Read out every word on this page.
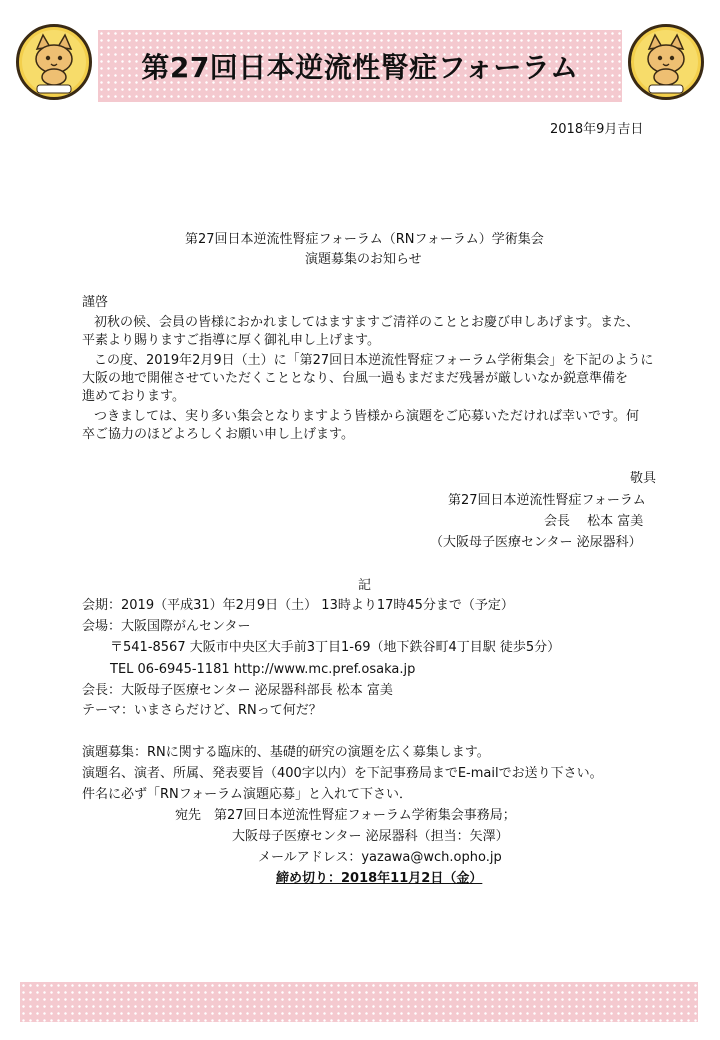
第27回日本逆流性腎症フォーラム
2018年9月吉日
第27回日本逆流性腎症フォーラム（RNフォーラム）学術集会
演題募集のお知らせ
謹啓
初秋の候、会員の皆様におかれましてはますますご清祥のこととお慶び申しあげます。また、
平素より賜りますご指導に厚く御礼申し上げます。
この度、2019年2月9日（土）に「第27回日本逆流性腎症フォーラム学術集会」を下記のように
大阪の地で開催させていただくこととなり、台風一過もまだまだ残暑が厳しいなか鋭意準備を
進めております。
つきましては、実り多い集会となりますよう皆様から演題をご応募いただければ幸いです。何
卒ご協力のほどよろしくお願い申し上げます。
敬具
第27回日本逆流性腎症フォーラム
会長　 松本 富美
（大阪母子医療センター 泌尿器科）
記
会期：2019（平成31）年2月9日（土） 13時より17時45分まで（予定）
会場：大阪国際がんセンター
〒541-8567 大阪市中央区大手前3丁目1-69（地下鉄谷町4丁目駅 徒歩5分）
TEL 06-6945-1181 http://www.mc.pref.osaka.jp
会長：大阪母子医療センター 泌尿器科部長 松本 富美
テーマ：いまさらだけど、RNって何だ？
演題募集：RNに関する臨床的、基礎的研究の演題を広く募集します。
演題名、演者、所属、発表要旨（400字以内）を下記事務局までE-mailでお送り下さい。
件名に必ず「RNフォーラム演題応募」と入れて下さい．
宛先　第27回日本逆流性腎症フォーラム学術集会事務局；
大阪母子医療センター 泌尿器科（担当：矢澤）
メールアドレス：yazawa@wch.opho.jp
締め切り：2018年11月2日（金）
